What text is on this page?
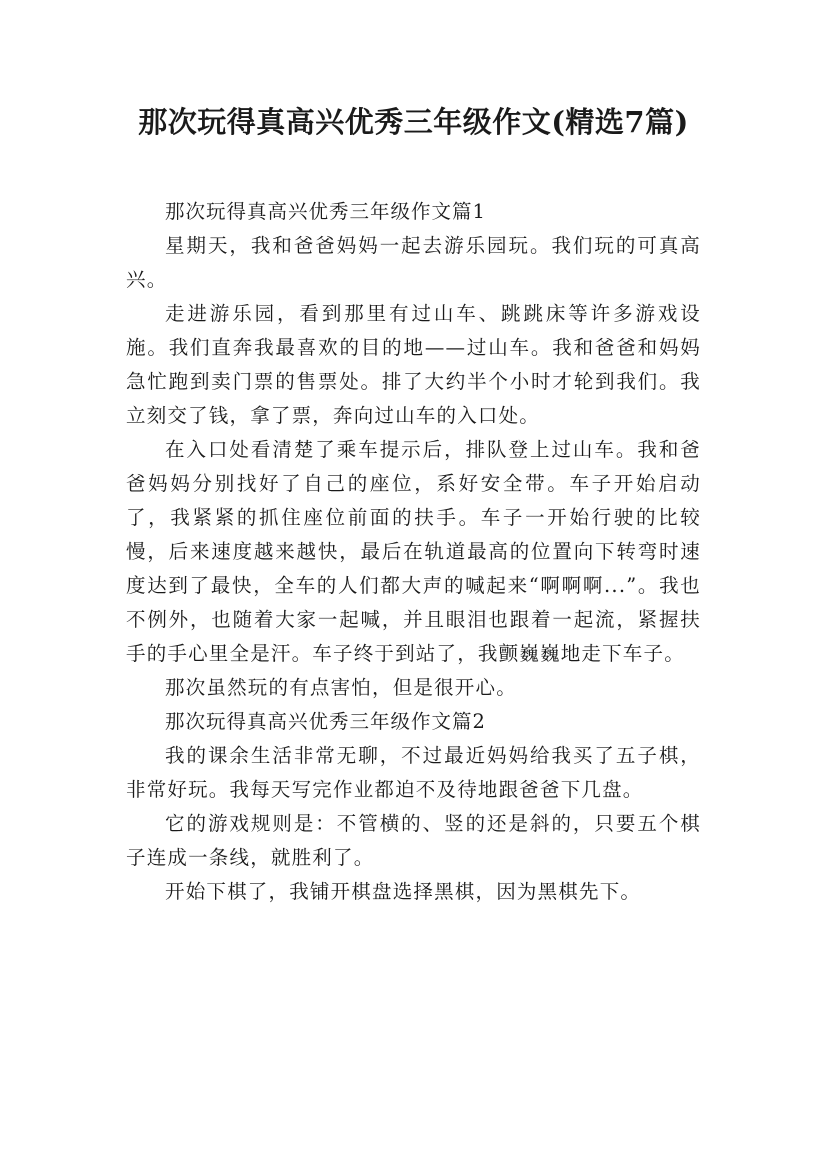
那次玩得真高兴优秀三年级作文(精选7篇)

那次玩得真高兴优秀三年级作文篇1

星期天，我和爸爸妈妈一起去游乐园玩。我们玩的可真高兴。

走进游乐园，看到那里有过山车、跳跳床等许多游戏设施。我们直奔我最喜欢的目的地——过山车。我和爸爸和妈妈急忙跑到卖门票的售票处。排了大约半个小时才轮到我们。我立刻交了钱，拿了票，奔向过山车的入口处。

在入口处看清楚了乘车提示后，排队登上过山车。我和爸爸妈妈分别找好了自己的座位，系好安全带。车子开始启动了，我紧紧的抓住座位前面的扶手。车子一开始行驶的比较慢，后来速度越来越快，最后在轨道最高的位置向下转弯时速度达到了最快，全车的人们都大声的喊起来“啊啊啊...”。我也不例外，也随着大家一起喊，并且眼泪也跟着一起流，紧握扶手的手心里全是汗。车子终于到站了，我颤巍巍地走下车子。

那次虽然玩的有点害怕，但是很开心。

那次玩得真高兴优秀三年级作文篇2

我的课余生活非常无聊，不过最近妈妈给我买了五子棋，非常好玩。我每天写完作业都迫不及待地跟爸爸下几盘。

它的游戏规则是：不管横的、竖的还是斜的，只要五个棋子连成一条线，就胜利了。

开始下棋了，我铺开棋盘选择黑棋，因为黑棋先下。
